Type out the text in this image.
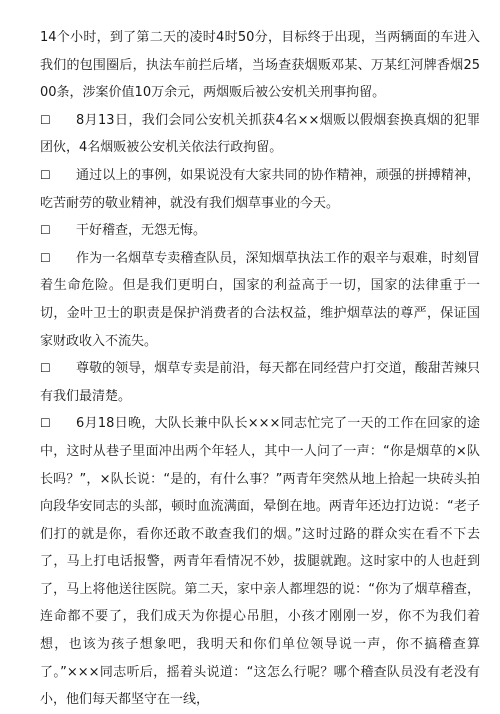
14个小时，到了第二天的凌时4时50分，目标终于出现，当两辆面的车进入我们的包围圈后，执法车前拦后堵，当场查获烟贩邓某、万某红河牌香烟2500条，涉案价值10万余元，两烟贩后被公安机关刑事拘留。

☐ 8月13日，我们会同公安机关抓获4名××烟贩以假烟套换真烟的犯罪团伙，4名烟贩被公安机关依法行政拘留。

☐ 通过以上的事例，如果说没有大家共同的协作精神，顽强的拼搏精神，吃苦耐劳的敬业精神，就没有我们烟草事业的今天。

☐ 干好稽查，无怨无悔。

☐ 作为一名烟草专卖稽查队员，深知烟草执法工作的艰辛与艰难，时刻冒着生命危险。但是我们更明白，国家的利益高于一切，国家的法律重于一切，金叶卫士的职责是保护消费者的合法权益，维护烟草法的尊严，保证国家财政收入不流失。

☐ 尊敬的领导，烟草专卖是前沿，每天都在同经营户打交道，酸甜苦辣只有我们最清楚。

☐ 6月18日晚，大队长兼中队长×××同志忙完了一天的工作在回家的途中，这时从巷子里面冲出两个年轻人，其中一人问了一声：“你是烟草的×队长吗？”，×队长说：“是的，有什么事？”两青年突然从地上拾起一块砖头拍向段华安同志的头部，顿时血流满面，晕倒在地。两青年还边打边说：“老子们打的就是你，看你还敢不敢查我们的烟。”这时过路的群众实在看不下去了，马上打电话报警，两青年看情况不妙，拔腿就跑。这时家中的人也赶到了，马上将他送往医院。第二天，家中亲人都埋怨的说：“你为了烟草稽查，连命都不要了，我们成天为你提心吊胆，小孩才刚刚一岁，你不为我们着想，也该为孩子想象吧，我明天和你们单位领导说一声，你不搞稽查算了。”×××同志听后，摇着头说道：“这怎么行呢？哪个稽查队员没有老没有小，他们每天都坚守在一线，
